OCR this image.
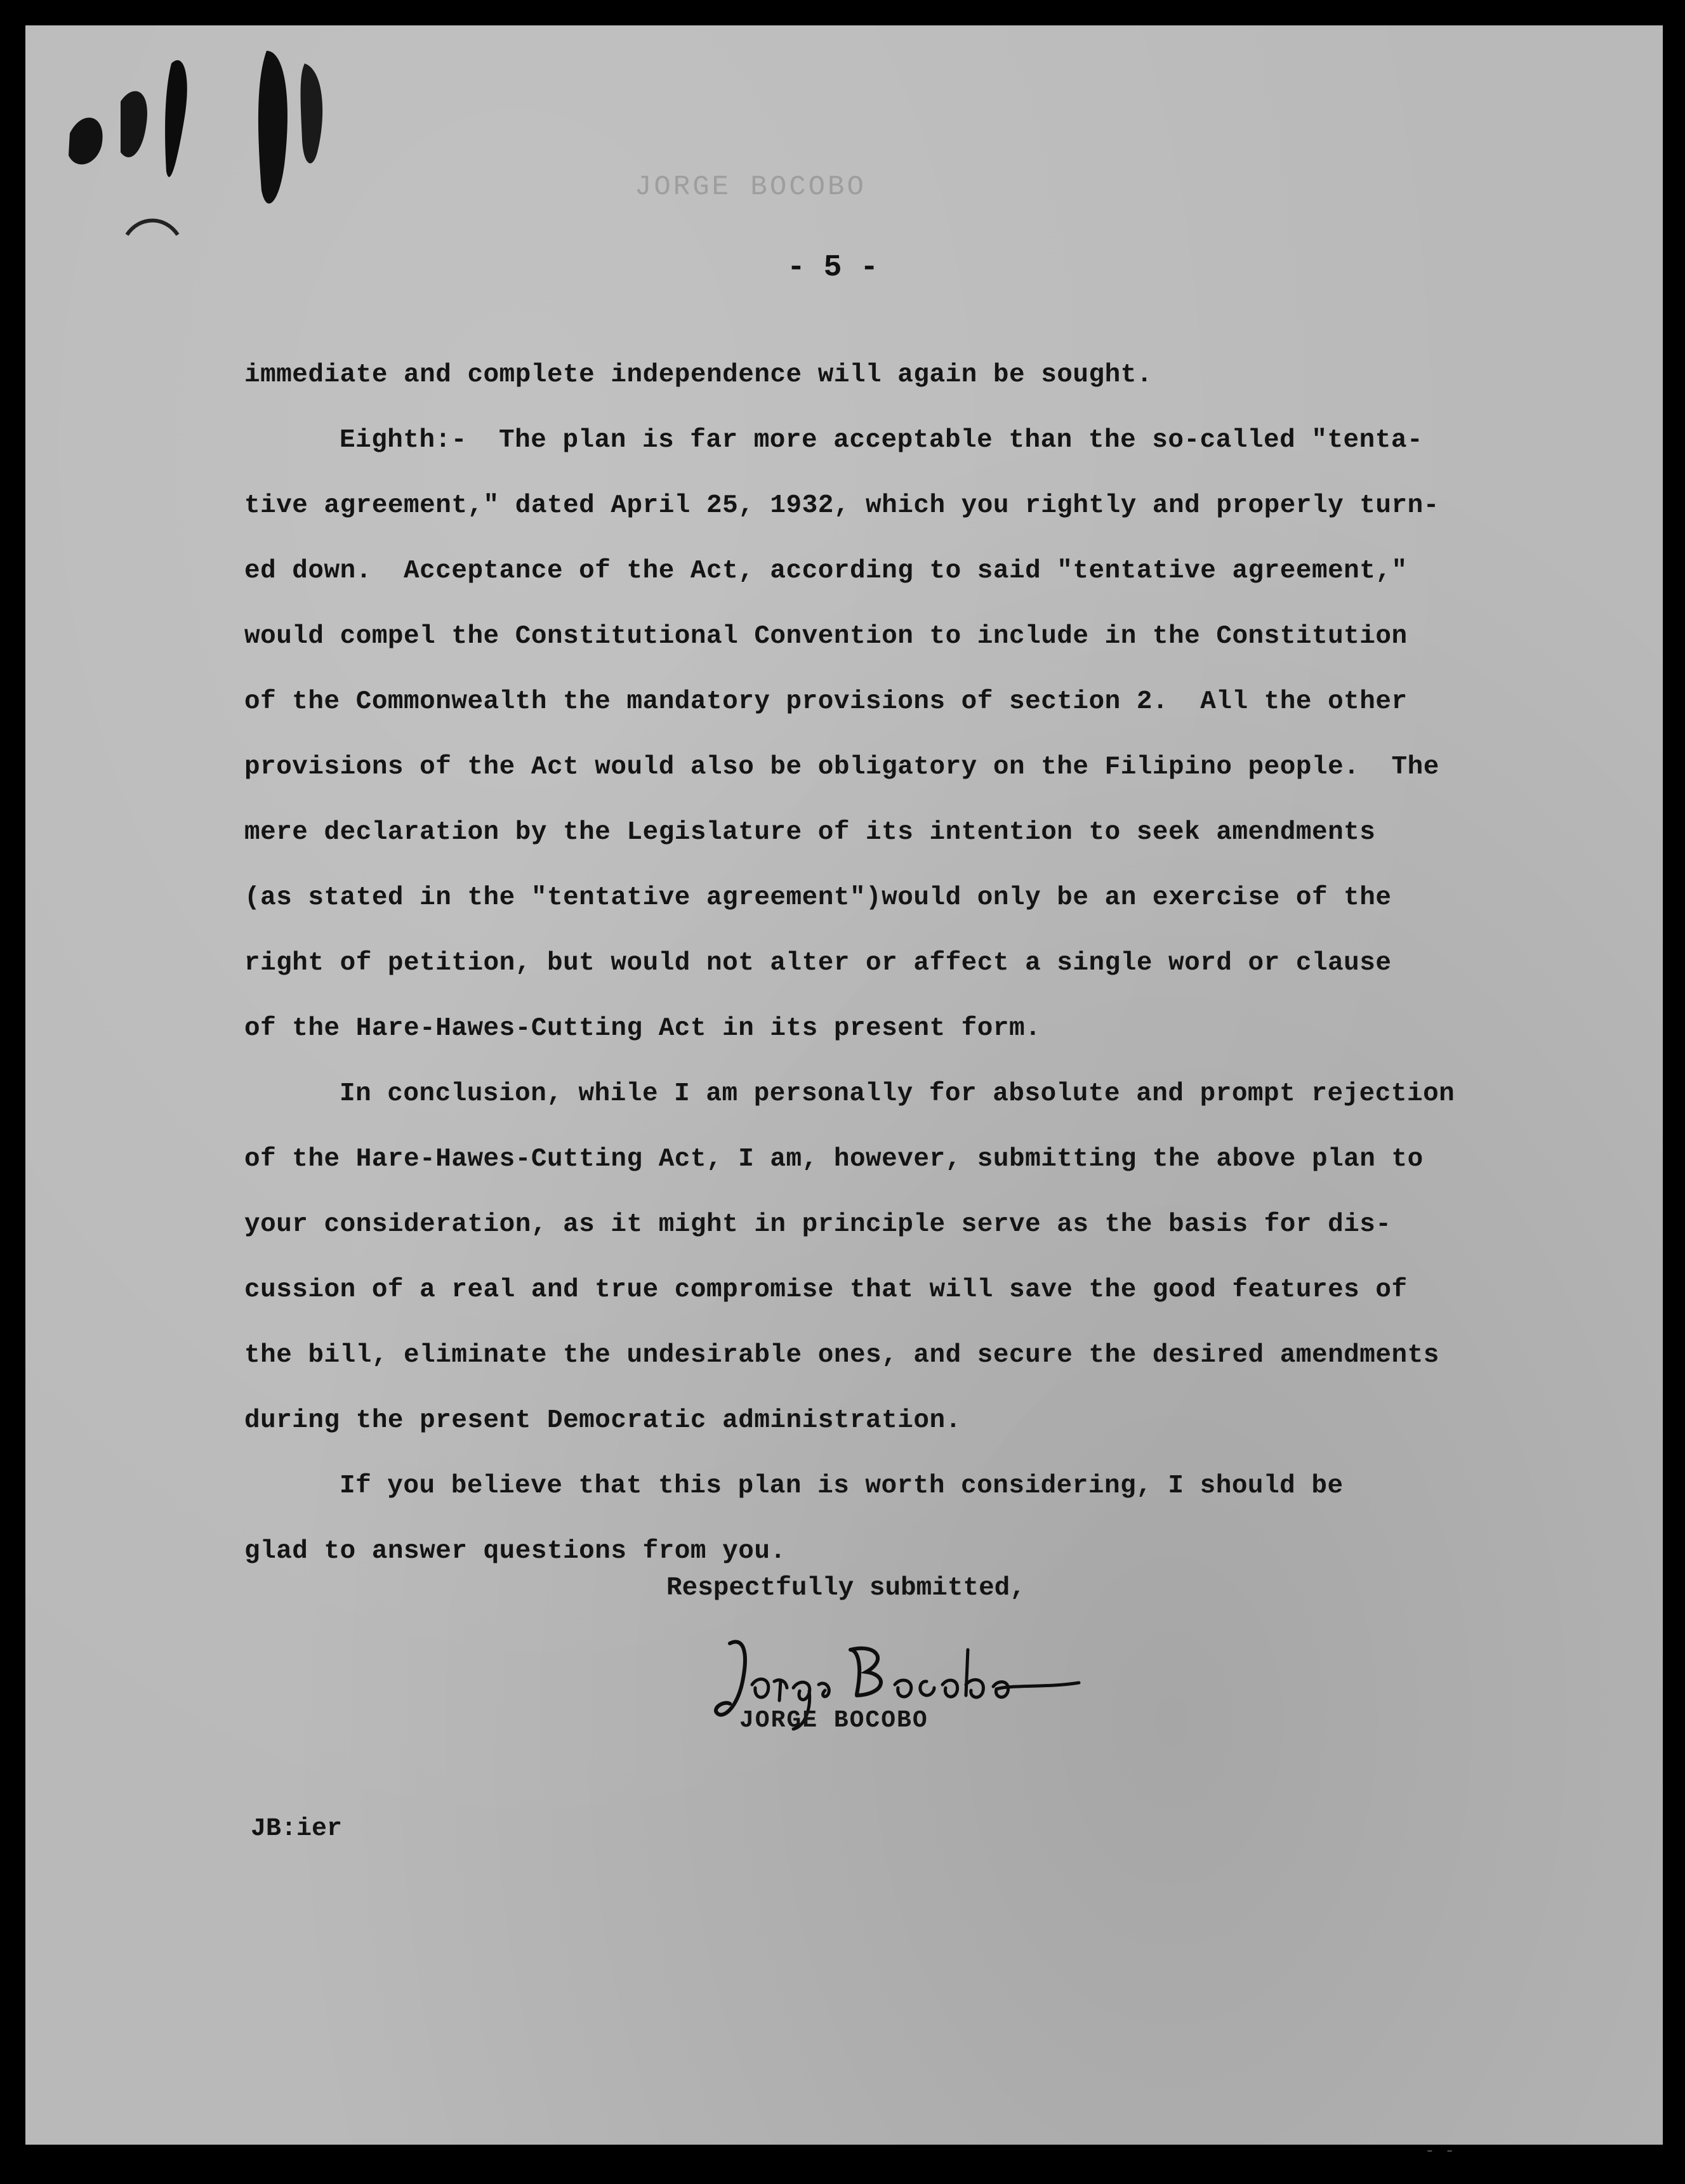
JORGE BOCOBO
- 5 -
immediate and complete independence will again be sought.
Eighth:-  The plan is far more acceptable than the so-called "tenta-
tive agreement," dated April 25, 1932, which you rightly and properly turn-
ed down.  Acceptance of the Act, according to said "tentative agreement,"
would compel the Constitutional Convention to include in the Constitution
of the Commonwealth the mandatory provisions of section 2.  All the other
provisions of the Act would also be obligatory on the Filipino people.  The
mere declaration by the Legislature of its intention to seek amendments
(as stated in the "tentative agreement")would only be an exercise of the
right of petition, but would not alter or affect a single word or clause
of the Hare-Hawes-Cutting Act in its present form.
In conclusion, while I am personally for absolute and prompt rejection
of the Hare-Hawes-Cutting Act, I am, however, submitting the above plan to
your consideration, as it might in principle serve as the basis for dis-
cussion of a real and true compromise that will save the good features of
the bill, eliminate the undesirable ones, and secure the desired amendments
during the present Democratic administration.
If you believe that this plan is worth considering, I should be
glad to answer questions from you.
Respectfully submitted,
JORGE BOCOBO
JB:ier
- -
